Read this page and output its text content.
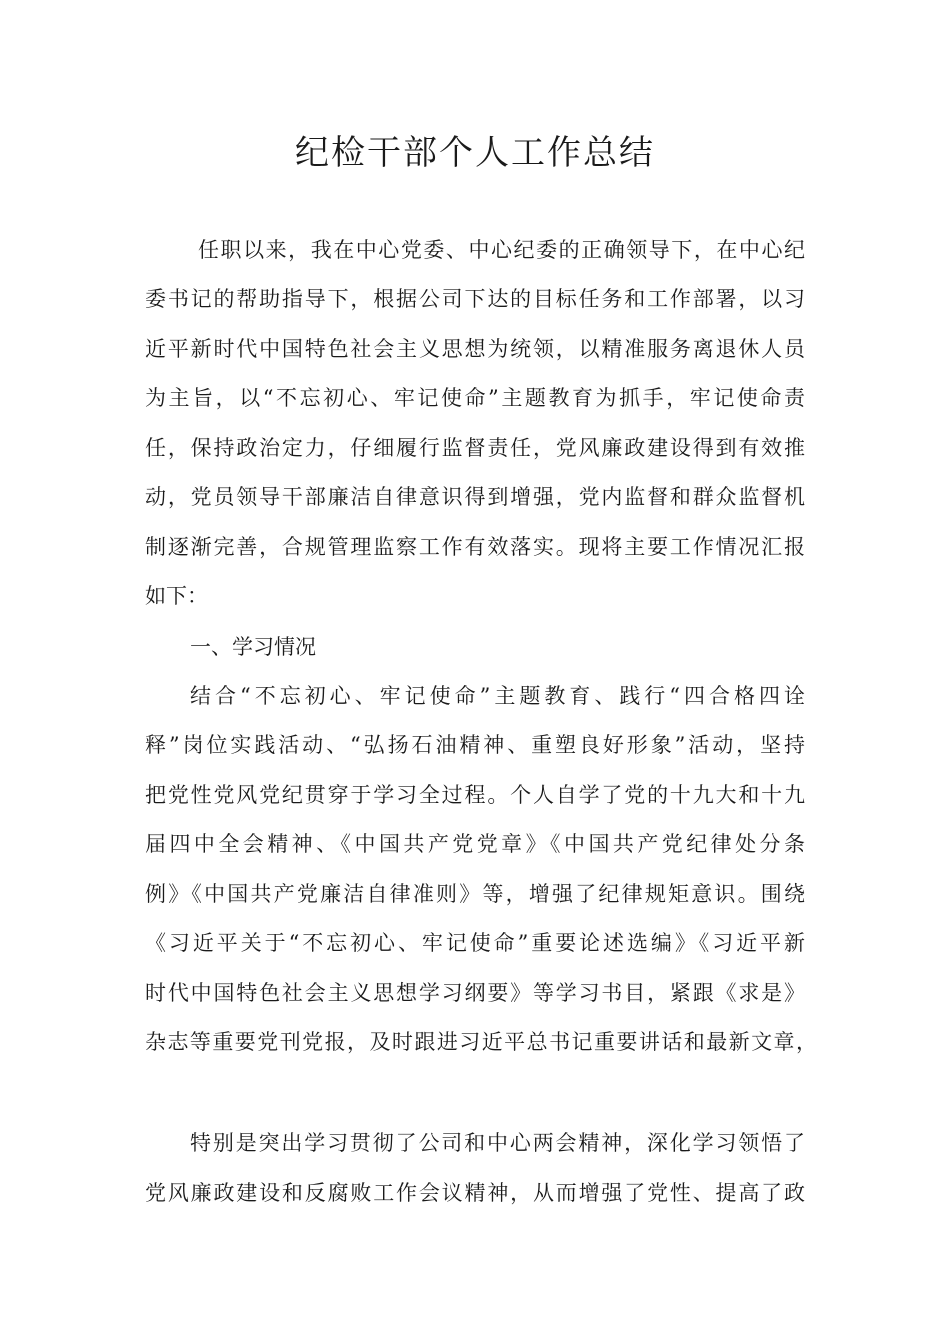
纪检干部个人工作总结
任职以来，我在中心党委、中心纪委的正确领导下，在中心纪
委书记的帮助指导下，根据公司下达的目标任务和工作部署，以习
近平新时代中国特色社会主义思想为统领，以精准服务离退休人员
为主旨，以“不忘初心、牢记使命”主题教育为抓手，牢记使命责
任，保持政治定力，仔细履行监督责任，党风廉政建设得到有效推
动，党员领导干部廉洁自律意识得到增强，党内监督和群众监督机
制逐渐完善，合规管理监察工作有效落实。现将主要工作情况汇报
如下：
一、学习情况
结合“不忘初心、牢记使命”主题教育、践行“四合格四诠
释”岗位实践活动、“弘扬石油精神、重塑良好形象”活动，坚持
把党性党风党纪贯穿于学习全过程。个人自学了党的十九大和十九
届四中全会精神、《中国共产党党章》《中国共产党纪律处分条
例》《中国共产党廉洁自律准则》等，增强了纪律规矩意识。围绕
《习近平关于“不忘初心、牢记使命”重要论述选编》《习近平新
时代中国特色社会主义思想学习纲要》等学习书目，紧跟《求是》
杂志等重要党刊党报，及时跟进习近平总书记重要讲话和最新文章，
特别是突出学习贯彻了公司和中心两会精神，深化学习领悟了
党风廉政建设和反腐败工作会议精神，从而增强了党性、提高了政
